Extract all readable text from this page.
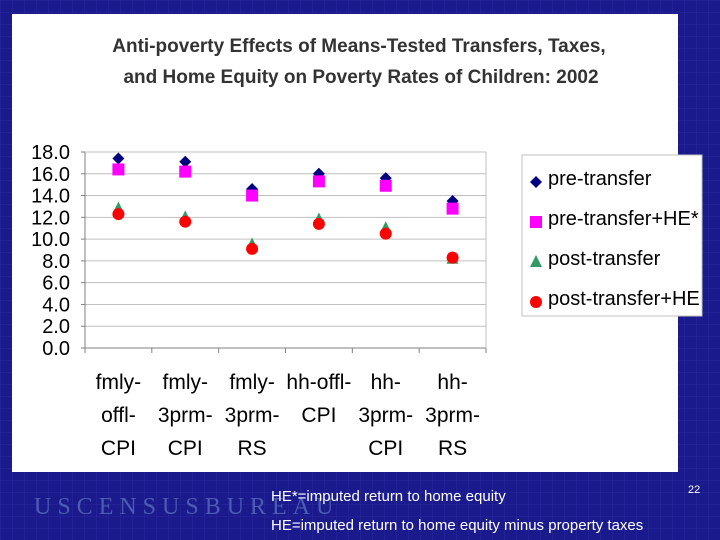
Anti-poverty Effects of Means-Tested Transfers, Taxes,
and Home Equity on Poverty Rates of Children: 2002
0.0
2.0
4.0
6.0
8.0
10.0
12.0
14.0
16.0
18.0
fmly-
offl-
CPI
fmly-
3prm-
CPI
fmly-
3prm-
RS
hh-offl-
CPI
hh-
3prm-
CPI
hh-
3prm-
RS
pre-transfer
pre-transfer+HE*
post-transfer
post-transfer+HE
USCENSUSBUREAU
HE*=imputed return to home equity
HE=imputed return to home equity minus property taxes
22
